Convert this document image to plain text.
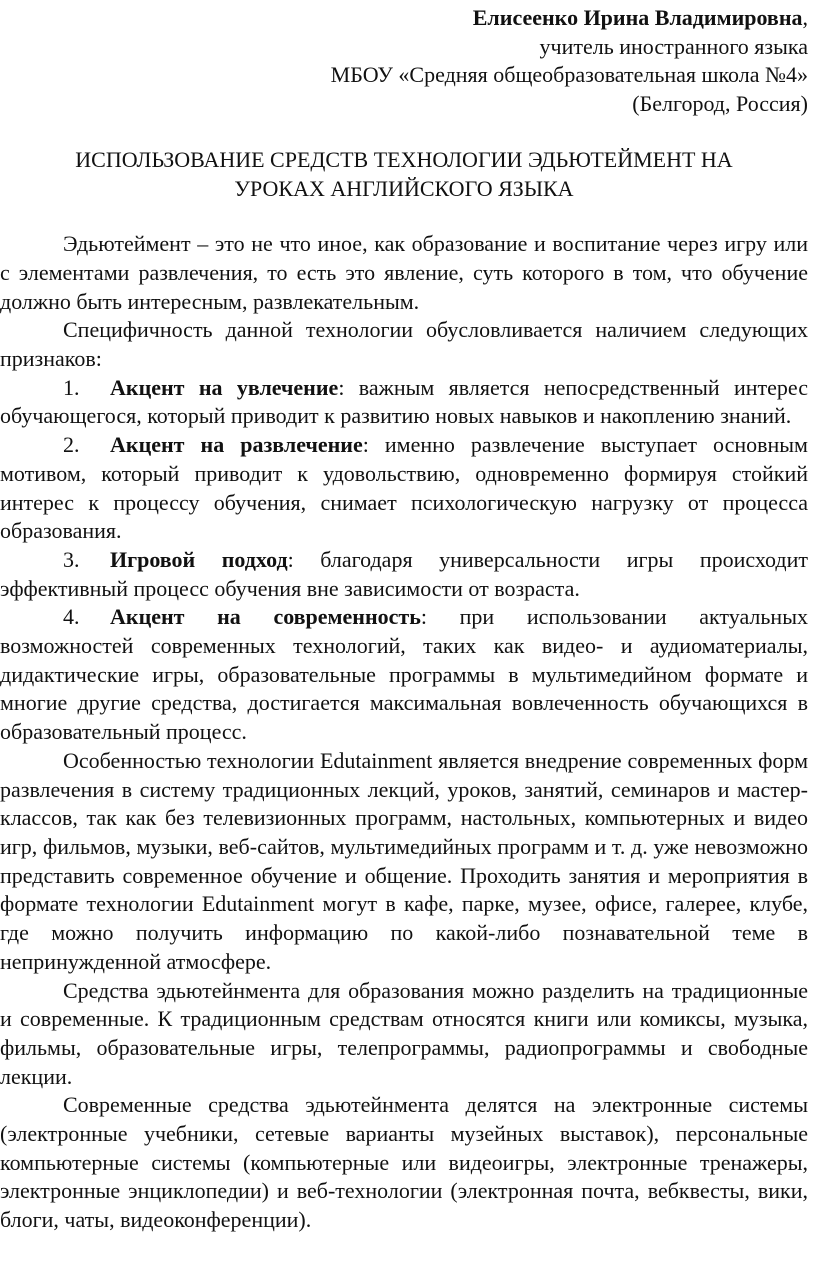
Елисеенко Ирина Владимировна,
учитель иностранного языка
МБОУ «Средняя общеобразовательная школа №4»
(Белгород, Россия)
ИСПОЛЬЗОВАНИЕ СРЕДСТВ ТЕХНОЛОГИИ ЭДЬЮТЕЙМЕНТ НА
УРОКАХ АНГЛИЙСКОГО ЯЗЫКА

Эдьютеймент – это не что иное, как образование и воспитание через игру или с элементами развлечения, то есть это явление, суть которого в том, что обучение должно быть интересным, развлекательным.

Специфичность данной технологии обусловливается наличием следующих признаков:

1. Акцент на увлечение: важным является непосредственный интерес обучающегося, который приводит к развитию новых навыков и накоплению знаний.
2. Акцент на развлечение: именно развлечение выступает основным мотивом, который приводит к удовольствию, одновременно формируя стойкий интерес к процессу обучения, снимает психологическую нагрузку от процесса образования.
3. Игровой подход: благодаря универсальности игры происходит эффективный процесс обучения вне зависимости от возраста.
4. Акцент на современность: при использовании актуальных возможностей современных технологий, таких как видео- и аудиоматериалы, дидактические игры, образовательные программы в мультимедийном формате и многие другие средства, достигается максимальная вовлеченность обучающихся в образовательный процесс.

Особенностью технологии Edutainment является внедрение современных форм развлечения в систему традиционных лекций, уроков, занятий, семинаров и мастер-классов, так как без телевизионных программ, настольных, компьютерных и видео игр, фильмов, музыки, веб-сайтов, мультимедийных программ и т. д. уже невозможно представить современное обучение и общение. Проходить занятия и мероприятия в формате технологии Edutainment могут в кафе, парке, музее, офисе, галерее, клубе, где можно получить информацию по какой-либо познавательной теме в непринужденной атмосфере.

Средства эдьютейнмента для образования можно разделить на традиционные и современные. К традиционным средствам относятся книги или комиксы, музыка, фильмы, образовательные игры, телепрограммы, радиопрограммы и свободные лекции.

Современные средства эдьютейнмента делятся на электронные системы (электронные учебники, сетевые варианты музейных выставок), персональные компьютерные системы (компьютерные или видеоигры, электронные тренажеры, электронные энциклопедии) и веб-технологии (электронная почта, вебквесты, вики, блоги, чаты, видеоконференции).
